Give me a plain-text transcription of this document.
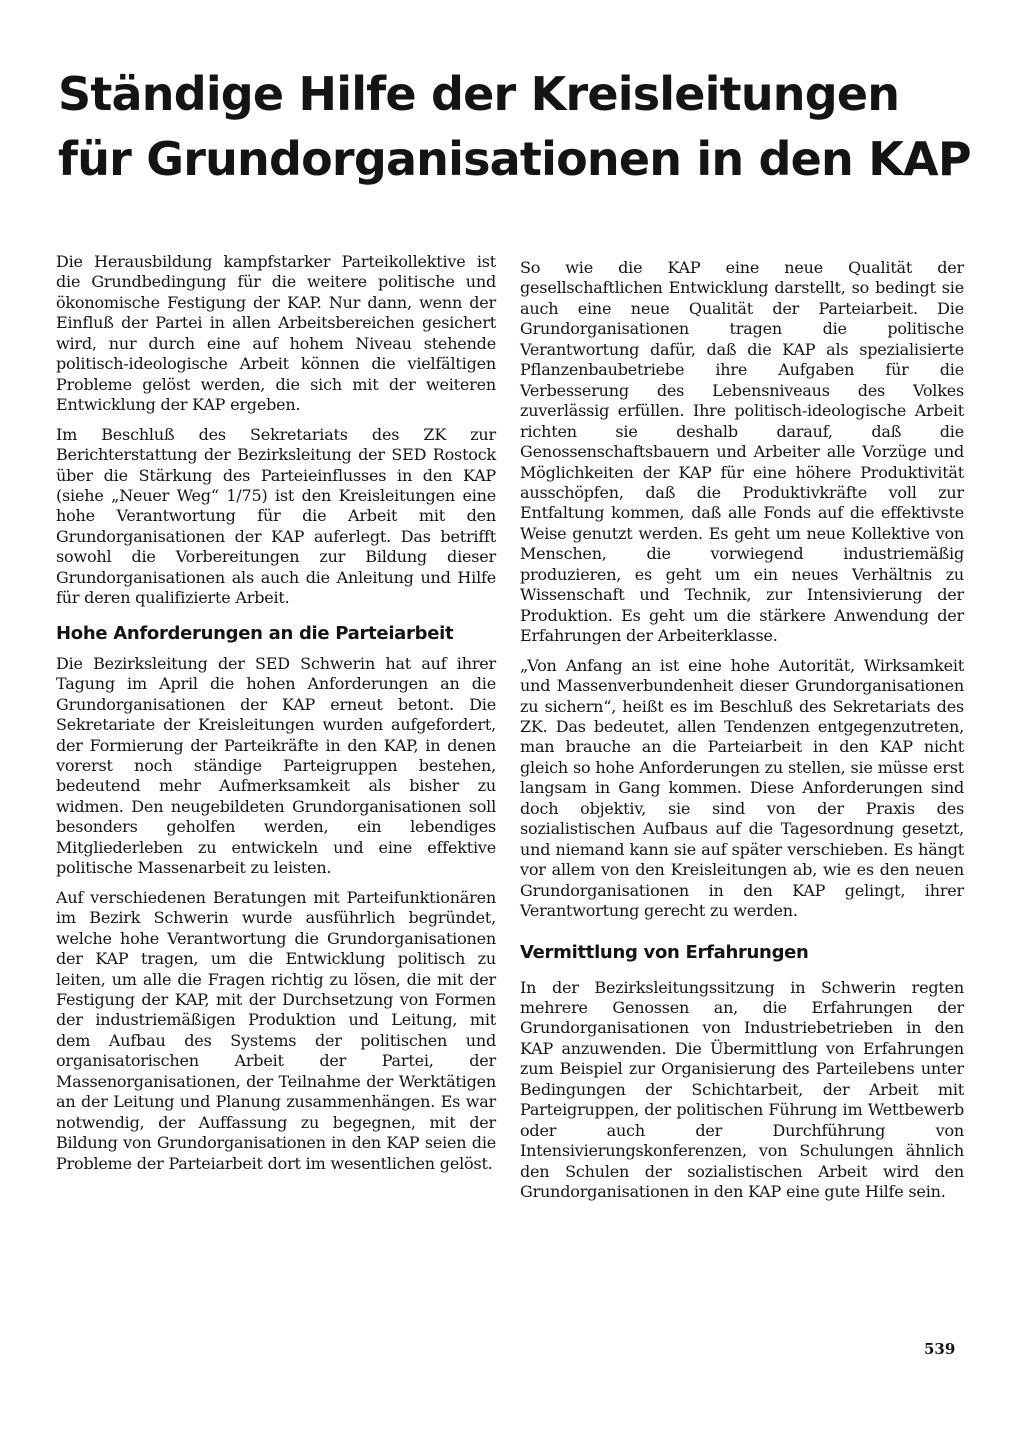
Ständige Hilfe der Kreisleitungen
für Grundorganisationen in den KAP

Die Herausbildung kampfstarker Parteikollektive ist die Grundbedingung für die weitere politische und ökonomische Festigung der KAP. Nur dann, wenn der Einfluß der Partei in allen Arbeitsbereichen gesichert wird, nur durch eine auf hohem Niveau stehende politisch-ideologische Arbeit können die vielfältigen Probleme gelöst werden, die sich mit der weiteren Entwicklung der KAP ergeben.

Im Beschluß des Sekretariats des ZK zur Berichterstattung der Bezirksleitung der SED Rostock über die Stärkung des Parteieinflusses in den KAP (siehe „Neuer Weg“ 1/75) ist den Kreisleitungen eine hohe Verantwortung für die Arbeit mit den Grundorganisationen der KAP auferlegt. Das betrifft sowohl die Vorbereitungen zur Bildung dieser Grundorganisationen als auch die Anleitung und Hilfe für deren qualifizierte Arbeit.

Hohe Anforderungen an die Parteiarbeit

Die Bezirksleitung der SED Schwerin hat auf ihrer Tagung im April die hohen Anforderungen an die Grundorganisationen der KAP erneut betont. Die Sekretariate der Kreisleitungen wurden aufgefordert, der Formierung der Parteikräfte in den KAP, in denen vorerst noch ständige Parteigruppen bestehen, bedeutend mehr Aufmerksamkeit als bisher zu widmen. Den neugebildeten Grundorganisationen soll besonders geholfen werden, ein lebendiges Mitgliederleben zu entwickeln und eine effektive politische Massenarbeit zu leisten.

Auf verschiedenen Beratungen mit Parteifunktionären im Bezirk Schwerin wurde ausführlich begründet, welche hohe Verantwortung die Grundorganisationen der KAP tragen, um die Entwicklung politisch zu leiten, um alle die Fragen richtig zu lösen, die mit der Festigung der KAP, mit der Durchsetzung von Formen der industriemäßigen Produktion und Leitung, mit dem Aufbau des Systems der politischen und organisatorischen Arbeit der Partei, der Massenorganisationen, der Teilnahme der Werktätigen an der Leitung und Planung zusammenhängen. Es war notwendig, der Auffassung zu begegnen, mit der Bildung von Grundorganisationen in den KAP seien die Probleme der Parteiarbeit dort im wesentlichen gelöst.

So wie die KAP eine neue Qualität der gesellschaftlichen Entwicklung darstellt, so bedingt sie auch eine neue Qualität der Parteiarbeit. Die Grundorganisationen tragen die politische Verantwortung dafür, daß die KAP als spezialisierte Pflanzenbaubetriebe ihre Aufgaben für die Verbesserung des Lebensniveaus des Volkes zuverlässig erfüllen. Ihre politisch-ideologische Arbeit richten sie deshalb darauf, daß die Genossenschaftsbauern und Arbeiter alle Vorzüge und Möglichkeiten der KAP für eine höhere Produktivität ausschöpfen, daß die Produktivkräfte voll zur Entfaltung kommen, daß alle Fonds auf die effektivste Weise genutzt werden. Es geht um neue Kollektive von Menschen, die vorwiegend industriemäßig produzieren, es geht um ein neues Verhältnis zu Wissenschaft und Technik, zur Intensivierung der Produktion. Es geht um die stärkere Anwendung der Erfahrungen der Arbeiterklasse.

„Von Anfang an ist eine hohe Autorität, Wirksamkeit und Massenverbundenheit dieser Grundorganisationen zu sichern“, heißt es im Beschluß des Sekretariats des ZK. Das bedeutet, allen Tendenzen entgegenzutreten, man brauche an die Parteiarbeit in den KAP nicht gleich so hohe Anforderungen zu stellen, sie müsse erst langsam in Gang kommen. Diese Anforderungen sind doch objektiv, sie sind von der Praxis des sozialistischen Aufbaus auf die Tagesordnung gesetzt, und niemand kann sie auf später verschieben. Es hängt vor allem von den Kreisleitungen ab, wie es den neuen Grundorganisationen in den KAP gelingt, ihrer Verantwortung gerecht zu werden.

Vermittlung von Erfahrungen

In der Bezirksleitungssitzung in Schwerin regten mehrere Genossen an, die Erfahrungen der Grundorganisationen von Industriebetrieben in den KAP anzuwenden. Die Übermittlung von Erfahrungen zum Beispiel zur Organisierung des Parteilebens unter Bedingungen der Schichtarbeit, der Arbeit mit Parteigruppen, der politischen Führung im Wettbewerb oder auch der Durchführung von Intensivierungskonferenzen, von Schulungen ähnlich den Schulen der sozialistischen Arbeit wird den Grundorganisationen in den KAP eine gute Hilfe sein.

539
